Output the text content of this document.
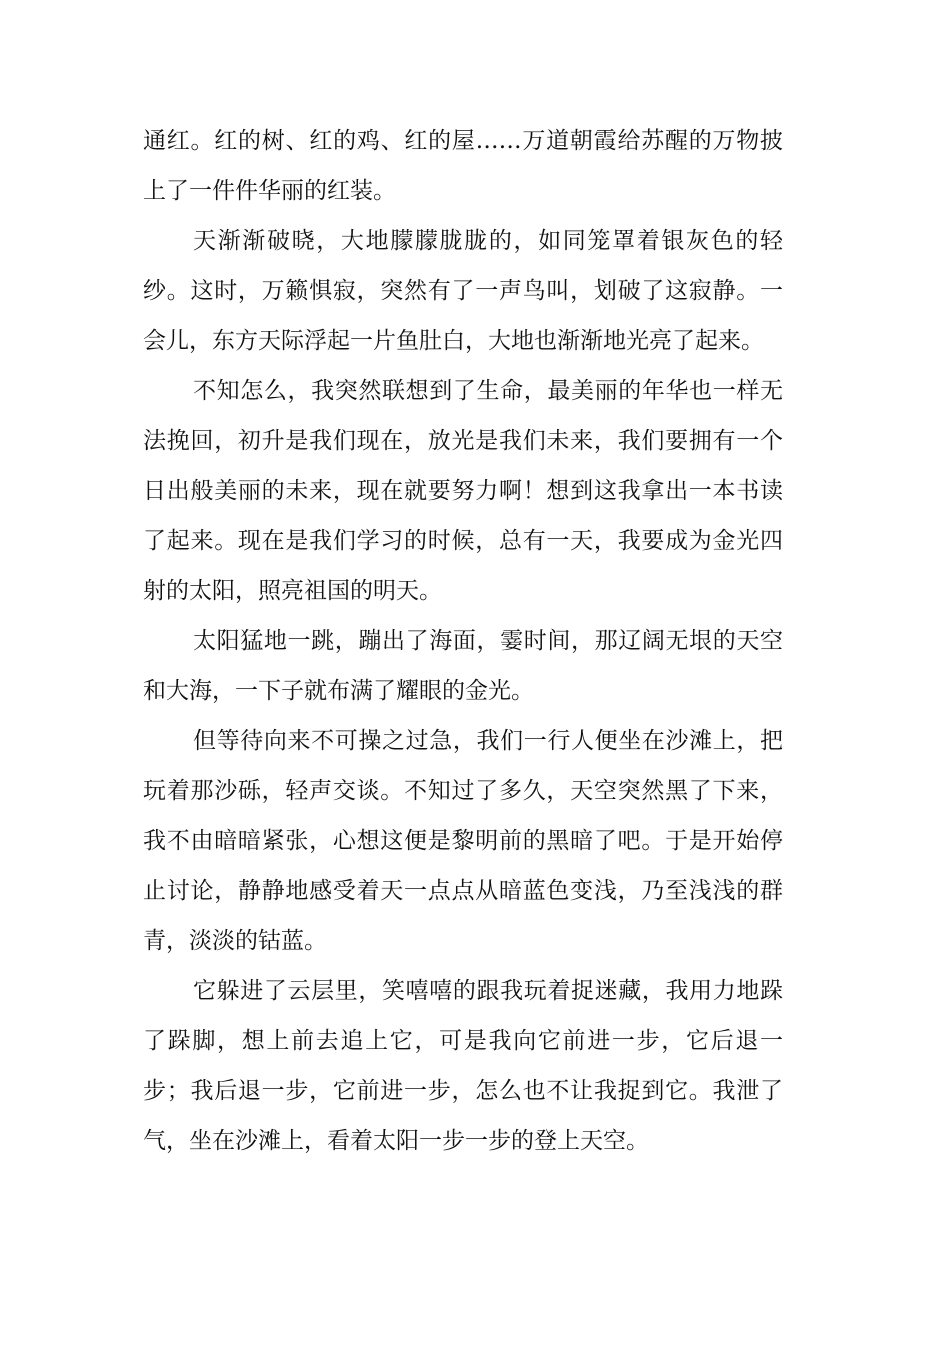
通红。红的树、红的鸡、红的屋……万道朝霞给苏醒的万物披上了一件件华丽的红装。

天渐渐破晓，大地朦朦胧胧的，如同笼罩着银灰色的轻纱。这时，万籁惧寂，突然有了一声鸟叫，划破了这寂静。一会儿，东方天际浮起一片鱼肚白，大地也渐渐地光亮了起来。

不知怎么，我突然联想到了生命，最美丽的年华也一样无法挽回，初升是我们现在，放光是我们未来，我们要拥有一个日出般美丽的未来，现在就要努力啊！想到这我拿出一本书读了起来。现在是我们学习的时候，总有一天，我要成为金光四射的太阳，照亮祖国的明天。

太阳猛地一跳，蹦出了海面，霎时间，那辽阔无垠的天空和大海，一下子就布满了耀眼的金光。

但等待向来不可操之过急，我们一行人便坐在沙滩上，把玩着那沙砾，轻声交谈。不知过了多久，天空突然黑了下来，我不由暗暗紧张，心想这便是黎明前的黑暗了吧。于是开始停止讨论，静静地感受着天一点点从暗蓝色变浅，乃至浅浅的群青，淡淡的钴蓝。

它躲进了云层里，笑嘻嘻的跟我玩着捉迷藏，我用力地跺了跺脚，想上前去追上它，可是我向它前进一步，它后退一步；我后退一步，它前进一步，怎么也不让我捉到它。我泄了气，坐在沙滩上，看着太阳一步一步的登上天空。
